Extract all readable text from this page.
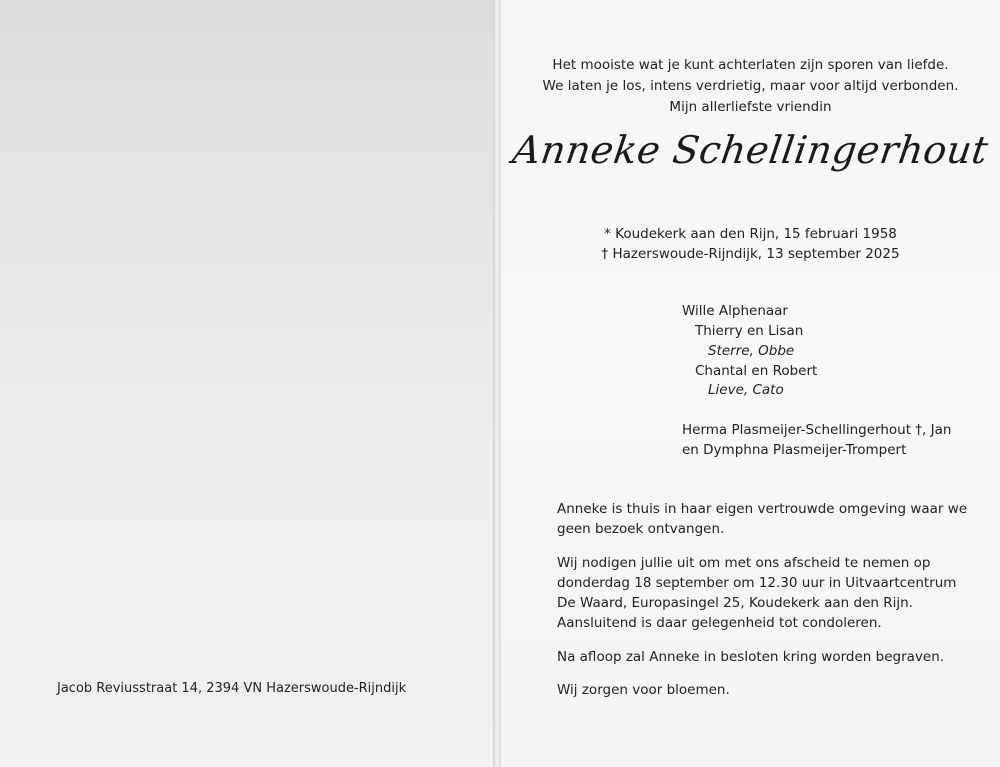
Jacob Reviusstraat 14, 2394 VN Hazerswoude-Rijndijk
Het mooiste wat je kunt achterlaten zijn sporen van liefde.
We laten je los, intens verdrietig, maar voor altijd verbonden.
Mijn allerliefste vriendin
Anneke Schellingerhout
* Koudekerk aan den Rijn, 15 februari 1958
† Hazerswoude-Rijndijk, 13 september 2025
Wille Alphenaar
Thierry en Lisan
Sterre, Obbe
Chantal en Robert
Lieve, Cato
Herma Plasmeijer-Schellingerhout †, Jan
en Dymphna Plasmeijer-Trompert
Anneke is thuis in haar eigen vertrouwde omgeving waar we
geen bezoek ontvangen.
Wij nodigen jullie uit om met ons afscheid te nemen op
donderdag 18 september om 12.30 uur in Uitvaartcentrum
De Waard, Europasingel 25, Koudekerk aan den Rijn.
Aansluitend is daar gelegenheid tot condoleren.
Na afloop zal Anneke in besloten kring worden begraven.
Wij zorgen voor bloemen.
